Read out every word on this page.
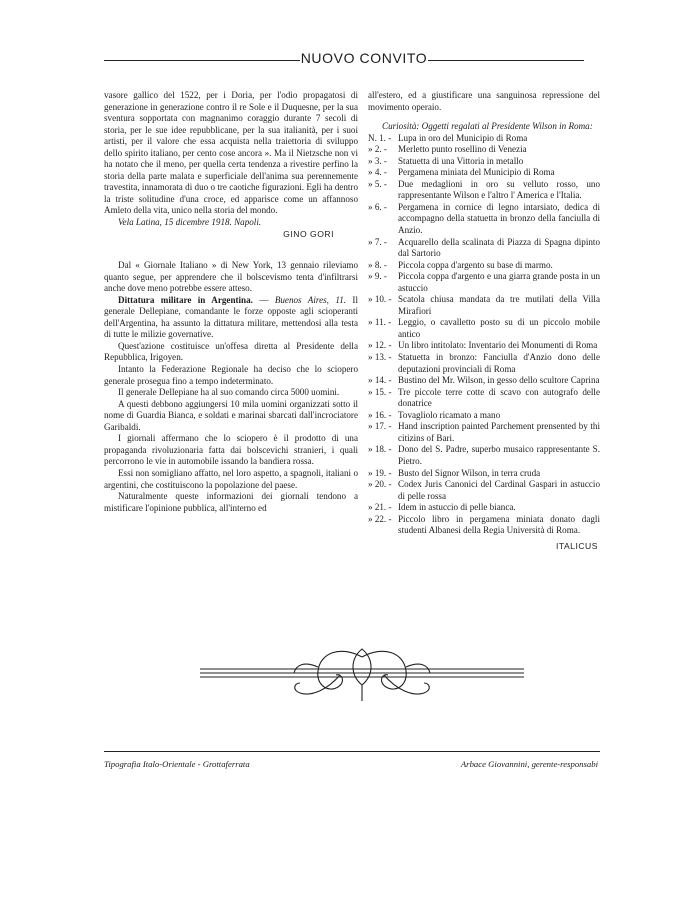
NUOVO CONVITO

vasore gallico del 1522, per i Doria, per l'odio propagatosi di generazione in generazione contro il re Sole e il Duquesne, per la sua sventura sopportata con magnanimo coraggio durante 7 secoli di storia, per le sue idee repubblicane, per la sua italianità, per i suoi artisti, per il valore che essa acquista nella traiettoria di sviluppo dello spirito italiano, per cento cose ancora ». Ma il Nietzsche non vi ha notato che il meno, per quella certa tendenza a rivestire perfino la storia della parte malata e superficiale dell'anima sua perennemente travestita, innamorata di duo o tre caotiche figurazioni. Egli ha dentro la triste solitudine d'una croce, ed appariscе come un affannoso Amleto della vita, unico nella storia del mondo.

Vela Latina, 15 dicembre 1918. Napoli.

GINO GORI

Dal « Giornale Italiano » di New York, 13 gennaio rileviamo quanto segue, per apprendere che il bolscevismo tenta d'infiltrarsi anche dove meno potrebbe essere atteso.

Dittatura militare in Argentina. — Buenos Aires, 11. Il generale Dellepiane, comandante le forze opposte agli scioperanti dell'Argentina, ha assunto la dittatura militare, mettendosi alla testa di tutte le milizie governative.

Quest'azione costituisce un'offesa diretta al Presidente della Repubblica, Irigoyen.

Intanto la Federazione Regionale ha deciso che lo sciopero generale prosegua fino a tempo indeterminato.

Il generale Dellepiane ha al suo comando circa 5000 uomini.

A questi debbono aggiungersi 10 mila uomini organizzati sotto il nome di Guardia Bianca, e soldati e marinai sbarcati dall'incrociatore Garibaldi.

I giornali affermano che lo sciopero è il prodotto di una propaganda rivoluzionaria fatta dai bolscevichi stranieri, i quali percorrono le vie in automobile issando la bandiera rossa.

Essi non somigliano affatto, nel loro aspetto, a spagnoli, italiani o argentini, che costituiscono la popolazione del paese.

Naturalmente queste informazioni dei giornali tendono a mistificare l'opinione pubblica, all'interno ed

all'estero, ed a giustificare una sanguinosa repressione del movimento operaio.

Curiosità: Oggetti regalati al Presidente Wilson in Roma:

N. 1. - Lupa in oro del Municipio di Roma
» 2. -	Merletto punto rosellino di Venezia
» 3. -	Statuetta di una Vittoria in metallo
» 4. -	Pergamena miniata del Municipio di Roma
» 5. -	Due medaglioni in oro su velluto rosso, uno rappresentante Wilson e l'altro l' America e l'Italia.
» 6. -	Pergamena in cornice di legno intarsiato, dedica di accompagno della statuetta in bronzo della fanciulla di Anzio.
» 7. -	Acquarello della scalinata di Piazza di Spagna dipinto dal Sartorio
» 8. -	Piccola coppa d'argento su base di marmo.
» 9. -	Piccola coppa d'argento e una giarra grande posta in un astuccio
» 10. - Scatola chiusa mandata da tre mutilati della Villa Mirafiori
» 11. - Leggio, o cavalletto posto su di un piccolo mobile antico
» 12. - Un libro intitolato: Inventario dei Monumenti di Roma
» 13. - Statuetta in bronzo: Fanciulla d'Anzio dono delle deputazioni provinciali di Roma
» 14. - Bustino del Mr. Wilson, in gesso dello scultore Caprina
» 15. - Tre piccole terre cotte di scavo con autografo delle donatrice
» 16. - Tovagliolo ricamato a mano
» 17. - Hand inscription painted Parchement prensented by thi citizins of Bari.
» 18. - Dono del S. Padre, superbo musaico rappresentante S. Pietro.
» 19. - Busto del Signor Wilson, in terra cruda
» 20. - Codex Juris Canonici del Cardinal Gaspari in astuccio di pelle rossa
» 21. - Idem in astuccio di pelle bianca.
» 22. - Piccolo libro in pergamena miniata donato dagli studenti Albanesi della Regia Università di Roma.

ITALICUS

Tipografia Italo-Orientale - Grottaferrata	Arbace Giovannini, gerente-responsabi
